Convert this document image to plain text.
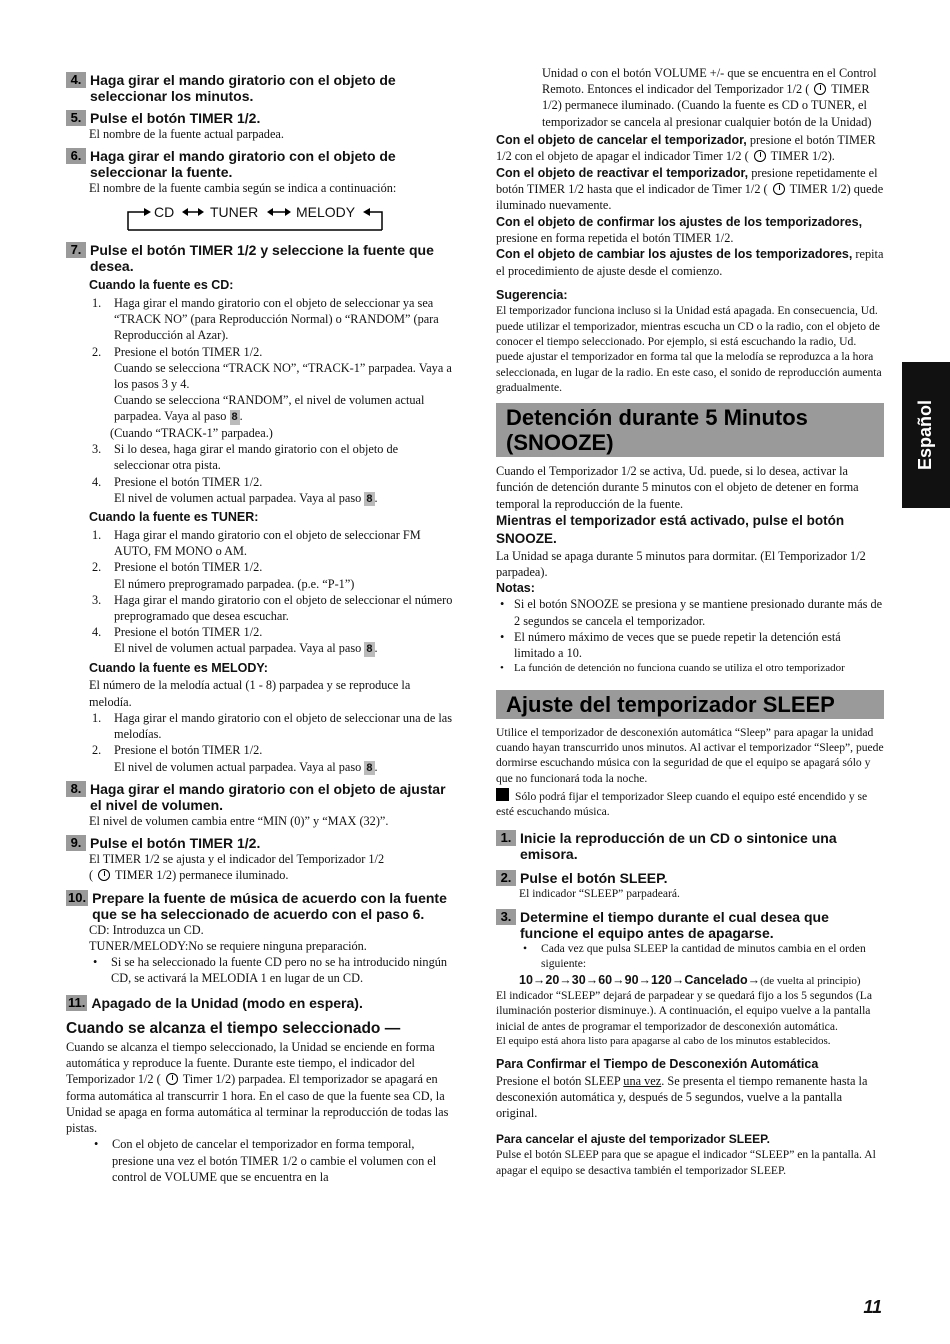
4. Haga girar el mando giratorio con el objeto de seleccionar los minutos.
5. Pulse el botón TIMER 1/2.
El nombre de la fuente actual parpadea.
6. Haga girar el mando giratorio con el objeto de seleccionar la fuente.
El nombre de la fuente cambia según se indica a continuación:
CD	TUNER	MELODY
7. Pulse el botón TIMER 1/2 y seleccione la fuente que desea.
Cuando la fuente es CD:
1. Haga girar el mando giratorio con el objeto de seleccionar ya sea “TRACK NO” (para Reproducción Normal) o “RANDOM” (para Reproducción al Azar).
2. Presione el botón TIMER 1/2.
Cuando se selecciona “TRACK NO”, “TRACK-1” parpadea. Vaya a los pasos 3 y 4.
Cuando se selecciona “RANDOM”, el nivel de volumen actual parpadea. Vaya al paso 8 .
(Cuando “TRACK-1” parpadea.)
3. Si lo desea, haga girar el mando giratorio con el objeto de seleccionar otra pista.
4. Presione el botón TIMER 1/2.
El nivel de volumen actual parpadea. Vaya al paso 8 .
Cuando la fuente es TUNER:
1. Haga girar el mando giratorio con el objeto de seleccionar FM AUTO, FM MONO o AM.
2. Presione el botón TIMER 1/2.
El número preprogramado parpadea. (p.e. “P-1”)
3. Haga girar el mando giratorio con el objeto de seleccionar el número preprogramado que desea escuchar.
4. Presione el botón TIMER 1/2.
El nivel de volumen actual parpadea. Vaya al paso 8 .
Cuando la fuente es MELODY:
El número de la melodía actual (1 - 8) parpadea y se reproduce la melodía.
1. Haga girar el mando giratorio con el objeto de seleccionar una de las melodías.
2. Presione el botón TIMER 1/2.
El nivel de volumen actual parpadea. Vaya al paso 8 .
8. Haga girar el mando giratorio con el objeto de ajustar el nivel de volumen.
El nivel de volumen cambia entre “MIN (0)” y “MAX (32)”.
9. Pulse el botón TIMER 1/2.
El TIMER 1/2 se ajusta y el indicador del Temporizador 1/2
(  TIMER 1/2) permanece iluminado.
10. Prepare la fuente de música de acuerdo con la fuente que se ha seleccionado de acuerdo con el paso 6.
CD: Introduzca un CD.
TUNER/MELODY:No se requiere ninguna preparación.
• Si se ha seleccionado la fuente CD pero no se ha introducido ningún CD, se activará la MELODIA 1 en lugar de un CD.
11. Apagado de la Unidad (modo en espera).
Cuando se alcanza el tiempo seleccionado —
Cuando se alcanza el tiempo seleccionado, la Unidad se enciende en forma automática y reproduce la fuente. Durante este tiempo, el indicador del Temporizador 1/2 ( Timer 1/2) parpadea. El temporizador se apagará en forma automática al transcurrir 1 hora. En el caso de que la fuente sea CD, la Unidad se apaga en forma automática al terminar la reproducción de todas las pistas.
• Con el objeto de cancelar el temporizador en forma temporal, presione una vez el botón TIMER 1/2 o cambie el volumen con el control de VOLUME que se encuentra en la
Unidad o con el botón VOLUME +/- que se encuentra en el Control Remoto. Entonces el indicador del Temporizador 1/2 ( TIMER 1/2) permanece iluminado. (Cuando la fuente es CD o TUNER, el temporizador se cancela al presionar cualquier botón de la Unidad)
Con el objeto de cancelar el temporizador, presione el botón TIMER 1/2 con el objeto de apagar el indicador Timer 1/2 ( TIMER 1/2).
Con el objeto de reactivar el temporizador, presione repetidamente el botón TIMER 1/2 hasta que el indicador de Timer 1/2 ( TIMER 1/2) quede iluminado nuevamente.
Con el objeto de confirmar los ajustes de los temporizadores, presione en forma repetida el botón TIMER 1/2.
Con el objeto de cambiar los ajustes de los temporizadores, repita el procedimiento de ajuste desde el comienzo.
Sugerencia:
El temporizador funciona incluso si la Unidad está apagada. En consecuencia, Ud. puede utilizar el temporizador, mientras escucha un CD o la radio, con el objeto de conocer el tiempo seleccionado. Por ejemplo, si está escuchando la radio, Ud. puede ajustar el temporizador en forma tal que la melodía se reproduzca a la hora seleccionada, en lugar de la radio. En este caso, el sonido de reproducción aumenta gradualmente.
Detención durante 5 Minutos (SNOOZE)
Cuando el Temporizador 1/2 se activa, Ud. puede, si lo desea, activar la función de detención durante 5 minutos con el objeto de detener en forma temporal la reproducción de la fuente.
Mientras el temporizador está activado, pulse el botón SNOOZE.
La Unidad se apaga durante 5 minutos para dormitar. (El Temporizador 1/2 parpadea).
Notas:
• Si el botón SNOOZE se presiona y se mantiene presionado durante más de 2 segundos se cancela el temporizador.
• El número máximo de veces que se puede repetir la detención está limitado a 10.
• La función de detención no funciona cuando se utiliza el otro temporizador
Ajuste del temporizador SLEEP
Utilice el temporizador de desconexión automática “Sleep” para apagar la unidad cuando hayan transcurrido unos minutos. Al activar el temporizador “Sleep”, puede dormirse escuchando música con la seguridad de que el equipo se apagará sólo y que no funcionará toda la noche.
Sólo podrá fijar el temporizador Sleep cuando el equipo esté encendido y se esté escuchando música.
1. Inicie la reproducción de un CD o sintonice una emisora.
2. Pulse el botón SLEEP.
El indicador “SLEEP” parpadeará.
3. Determine el tiempo durante el cual desea que funcione el equipo antes de apagarse.
• Cada vez que pulsa SLEEP la cantidad de minutos cambia en el orden siguiente:
10→20→30→60→90→120→Cancelado→(de vuelta al principio)
El indicador “SLEEP” dejará de parpadear y se quedará fijo a los 5 segundos (La iluminación posterior disminuye.). A continuación, el equipo vuelve a la pantalla inicial de antes de programar el temporizador de desconexión automática.
El equipo está ahora listo para apagarse al cabo de los minutos establecidos.
Para Confirmar el Tiempo de Desconexión Automática
Presione el botón SLEEP una vez. Se presenta el tiempo remanente hasta la desconexión automática y, después de 5 segundos, vuelve a la pantalla original.
Para cancelar el ajuste del temporizador SLEEP.
Pulse el botón SLEEP para que se apague el indicador “SLEEP” en la pantalla. Al apagar el equipo se desactiva también el temporizador SLEEP.
Español
11
